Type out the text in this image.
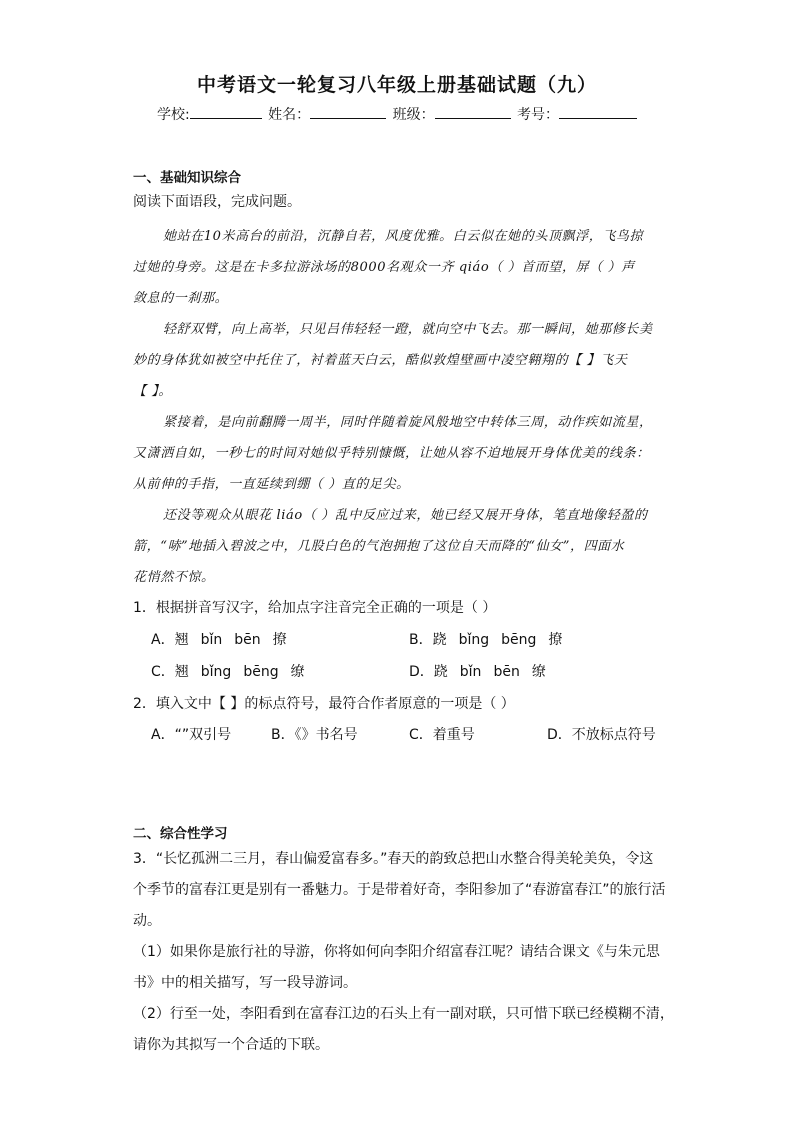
中考语文一轮复习八年级上册基础试题（九）
学校:	姓名：	班级：	考号：
一、基础知识综合
阅读下面语段，完成问题。
她站在10米高台的前沿，沉静自若，风度优雅。白云似在她的头顶飘浮，飞鸟掠
过她的身旁。这是在卡多拉游泳场的8000名观众一齐 qiáo（ ）首而望，屏（ ）声
敛息的一刹那。
轻舒双臂，向上高举，只见吕伟轻轻一蹬，就向空中飞去。那一瞬间，她那修长美
妙的身体犹如被空中托住了，衬着蓝天白云，酷似敦煌壁画中凌空翱翔的【 】飞天
【 】。
紧接着，是向前翻腾一周半，同时伴随着旋风般地空中转体三周，动作疾如流星，
又潇洒自如，一秒七的时间对她似乎特别慷慨，让她从容不迫地展开身体优美的线条：
从前伸的手指，一直延续到绷（ ）直的足尖。
还没等观众从眼花 liáo（ ）乱中反应过来，她已经又展开身体，笔直地像轻盈的
箭，“哧”地插入碧波之中，几股白色的气泡拥抱了这位自天而降的“仙女”，四面水
花悄然不惊。
1．根据拼音写汉字，给加点字注音完全正确的一项是（ ）
A．翘 bǐn bēn 撩	B．跷 bǐng bēng 撩
C．翘 bǐng bēng 缭	D．跷 bǐn bēn 缭
2．填入文中【 】的标点符号，最符合作者原意的一项是（ ）
A．“”双引号	B．《》书名号	C．着重号	D．不放标点符号
二、综合性学习
3．“长忆孤洲二三月，春山偏爱富春多。”春天的韵致总把山水整合得美轮美奂，令这
个季节的富春江更是别有一番魅力。于是带着好奇，李阳参加了“春游富春江”的旅行活
动。
（1）如果你是旅行社的导游，你将如何向李阳介绍富春江呢？请结合课文《与朱元思
书》中的相关描写，写一段导游词。
（2）行至一处，李阳看到在富春江边的石头上有一副对联，只可惜下联已经模糊不清，
请你为其拟写一个合适的下联。
